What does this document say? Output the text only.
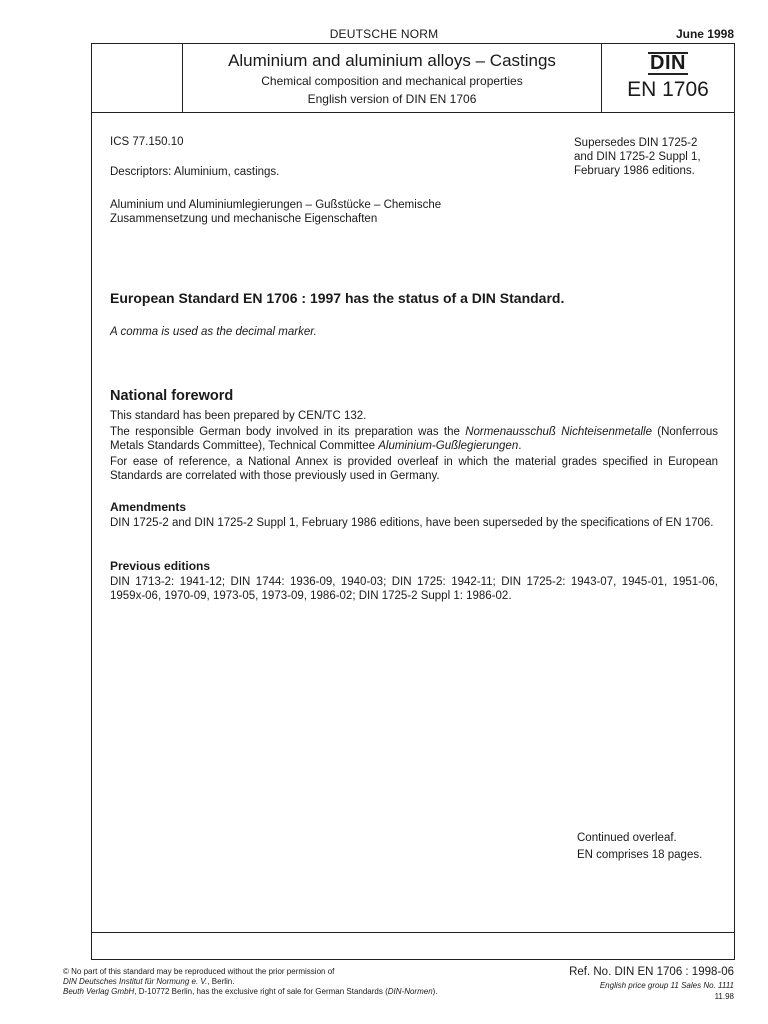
DEUTSCHE NORM	June 1998
Aluminium and aluminium alloys – Castings
Chemical composition and mechanical properties
English version of DIN EN 1706
DIN
EN 1706
ICS 77.150.10	Supersedes DIN 1725-2
and DIN 1725-2 Suppl 1,
February 1986 editions.
Descriptors: Aluminium, castings.
Aluminium und Aluminiumlegierungen – Gußstücke – Chemische
Zusammensetzung und mechanische Eigenschaften
European Standard EN 1706 : 1997 has the status of a DIN Standard.
A comma is used as the decimal marker.
National foreword
This standard has been prepared by CEN/TC 132.
The responsible German body involved in its preparation was the Normenausschuß Nichteisenmetalle (Nonferrous Metals Standards Committee), Technical Committee Aluminium-Gußlegierungen.
For ease of reference, a National Annex is provided overleaf in which the material grades specified in European Standards are correlated with those previously used in Germany.
Amendments
DIN 1725-2 and DIN 1725-2 Suppl 1, February 1986 editions, have been superseded by the specifications of EN 1706.
Previous editions
DIN 1713-2: 1941-12; DIN 1744: 1936-09, 1940-03; DIN 1725: 1942-11; DIN 1725-2: 1943-07, 1945-01, 1951-06, 1959x-06, 1970-09, 1973-05, 1973-09, 1986-02; DIN 1725-2 Suppl 1: 1986-02.
Continued overleaf.
EN comprises 18 pages.
© No part of this standard may be reproduced without the prior permission of
DIN Deutsches Institut für Normung e. V., Berlin.
Beuth Verlag GmbH, D-10772 Berlin, has the exclusive right of sale for German Standards (DIN-Normen).
Ref. No. DIN EN 1706 : 1998-06
English price group 11 Sales No. 1111
11.98
